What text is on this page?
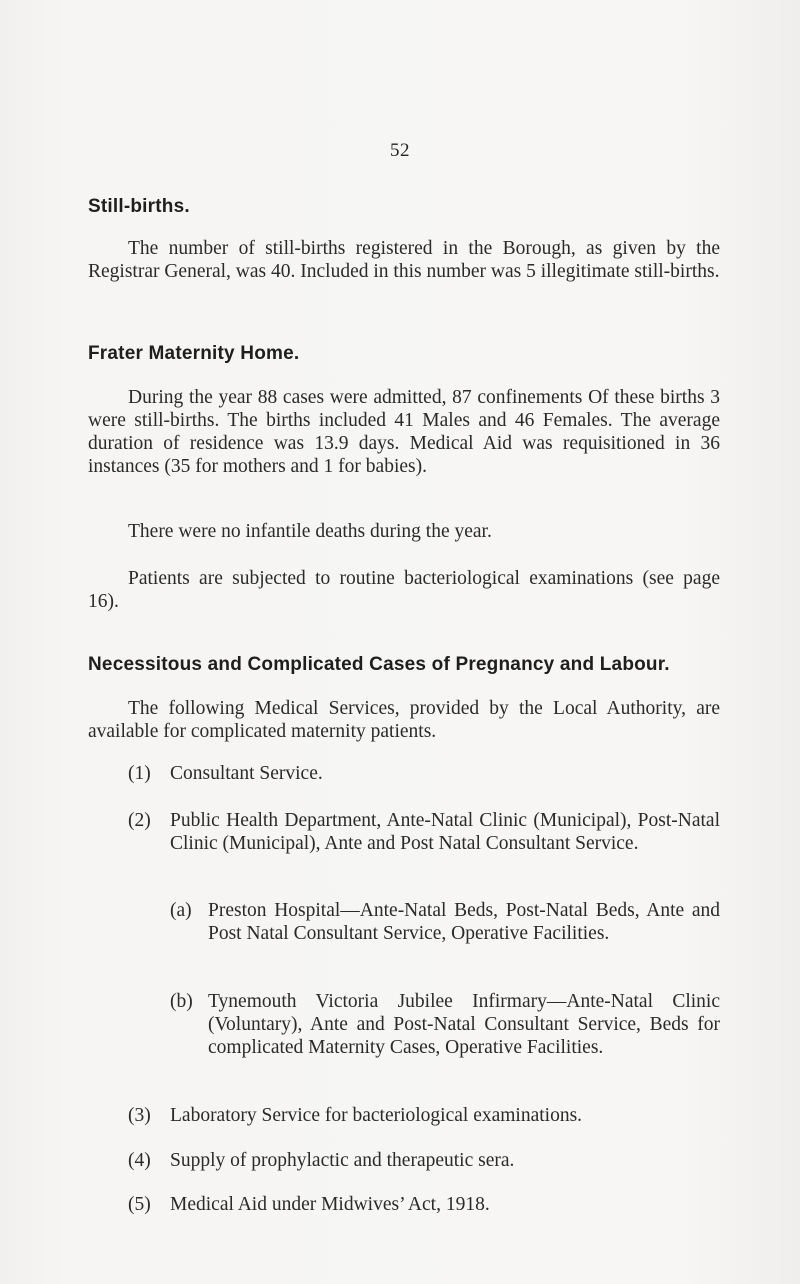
52
Still-births.
The number of still-births registered in the Borough, as given by the Registrar General, was 40. Included in this number was 5 illegitimate still-births.
Frater Maternity Home.
During the year 88 cases were admitted, 87 confinements Of these births 3 were still-births. The births included 41 Males and 46 Females. The average duration of residence was 13.9 days. Medical Aid was requisitioned in 36 instances (35 for mothers and 1 for babies).
There were no infantile deaths during the year.
Patients are subjected to routine bacteriological examinations (see page 16).
Necessitous and Complicated Cases of Pregnancy and Labour.
The following Medical Services, provided by the Local Authority, are available for complicated maternity patients.
(1) Consultant Service.
(2) Public Health Department, Ante-Natal Clinic (Municipal), Post-Natal Clinic (Municipal), Ante and Post Natal Consultant Service.
(a) Preston Hospital—Ante-Natal Beds, Post-Natal Beds, Ante and Post Natal Consultant Service, Operative Facilities.
(b) Tynemouth Victoria Jubilee Infirmary—Ante-Natal Clinic (Voluntary), Ante and Post-Natal Consultant Service, Beds for complicated Maternity Cases, Operative Facilities.
(3) Laboratory Service for bacteriological examinations.
(4) Supply of prophylactic and therapeutic sera.
(5) Medical Aid under Midwives’ Act, 1918.
